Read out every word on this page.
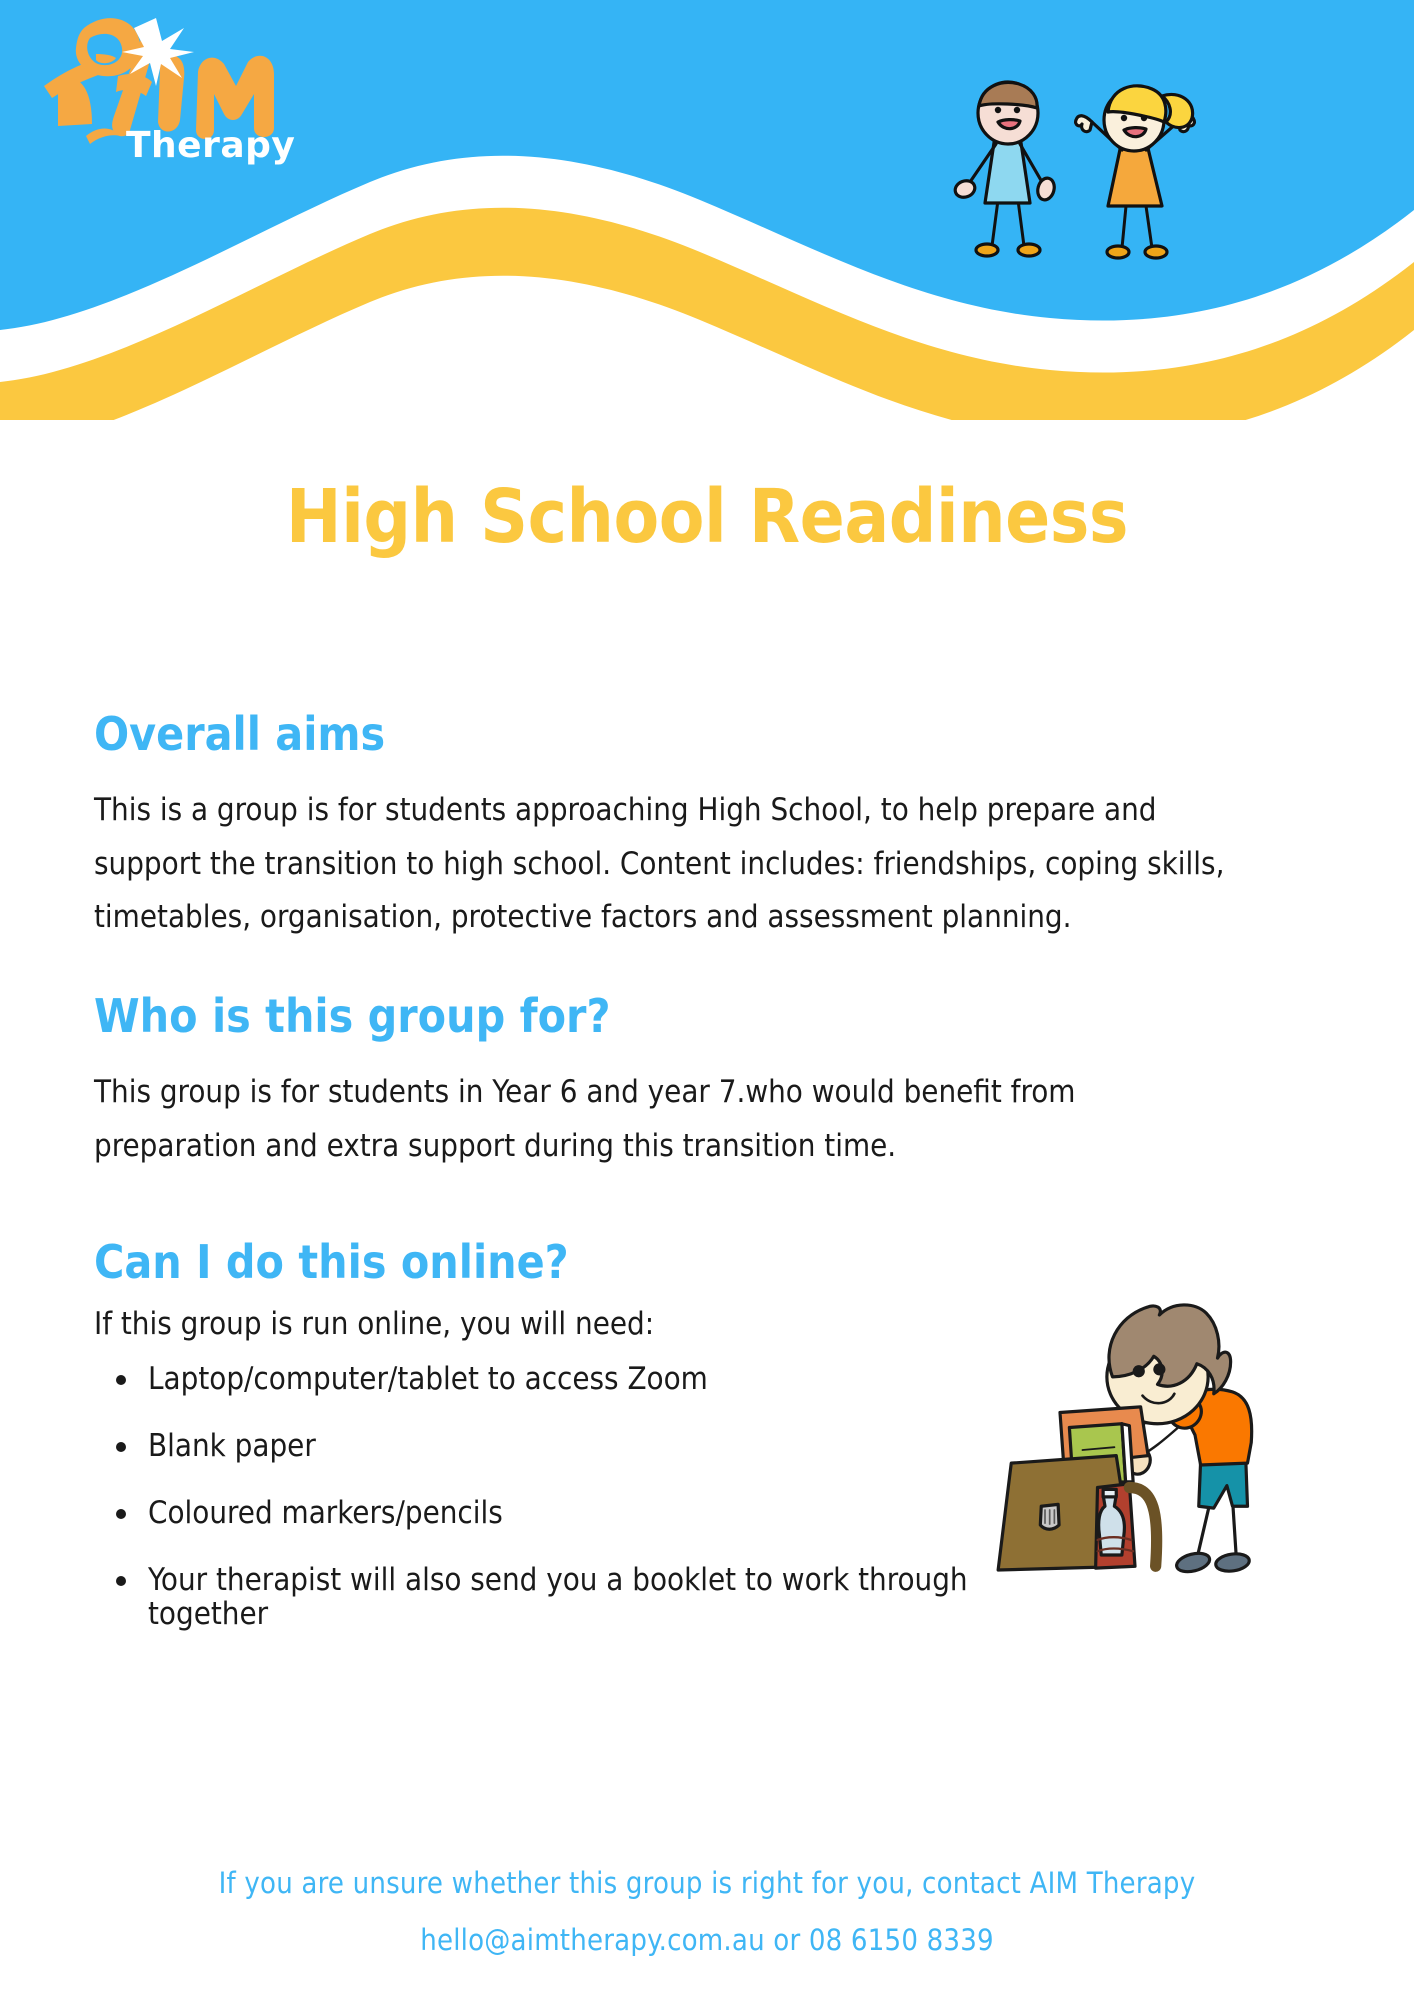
Therapy
High School Readiness
Overall aims

This is a group is for students approaching High School, to help prepare and support the transition to high school. Content includes: friendships, coping skills, timetables, organisation, protective factors and assessment planning.

Who is this group for?

This group is for students in Year 6 and year 7.who would benefit from preparation and extra support during this transition time.

Can I do this online?

If this group is run online, you will need:

Laptop/computer/tablet to access Zoom
Blank paper
Coloured markers/pencils
Your therapist will also send you a booklet to work through together
If you are unsure whether this group is right for you, contact AIM Therapy
hello@aimtherapy.com.au or 08 6150 8339
